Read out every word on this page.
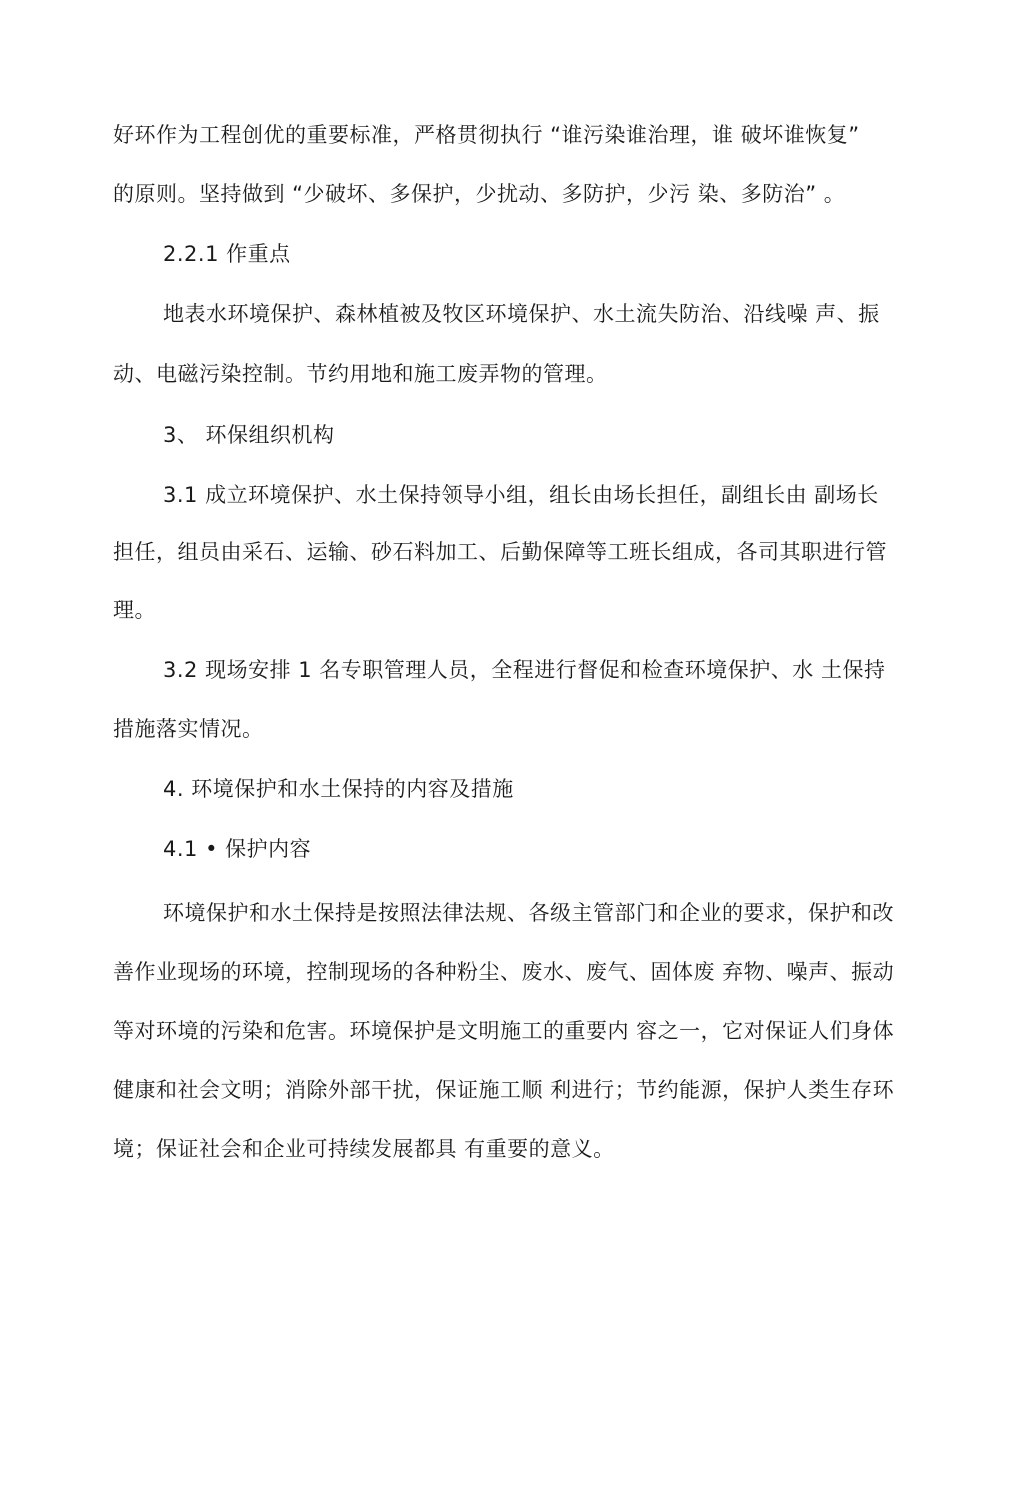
好环作为工程创优的重要标准，严格贯彻执行 “谁污染谁治理，谁 破坏谁恢复”
的原则。坚持做到 “少破坏、多保护，少扰动、多防护，少污 染、多防治” 。
2.2.1 作重点
地表水环境保护、森林植被及牧区环境保护、水土流失防治、沿线噪 声、振
动、电磁污染控制。节约用地和施工废弄物的管理。
3、 环保组织机构
3.1 成立环境保护、水土保持领导小组，组长由场长担任，副组长由 副场长
担任，组员由采石、运输、砂石料加工、后勤保障等工班长组成，各司其职进行管
理。
3.2 现场安排 1 名专职管理人员，全程进行督促和检查环境保护、水 土保持
措施落实情况。
4. 环境保护和水土保持的内容及措施
4.1 • 保护内容
环境保护和水土保持是按照法律法规、各级主管部门和企业的要求，保护和改
善作业现场的环境，控制现场的各种粉尘、废水、废气、固体废 弃物、噪声、振动
等对环境的污染和危害。环境保护是文明施工的重要内 容之一，它对保证人们身体
健康和社会文明；消除外部干扰，保证施工顺 利进行；节约能源，保护人类生存环
境；保证社会和企业可持续发展都具 有重要的意义。
